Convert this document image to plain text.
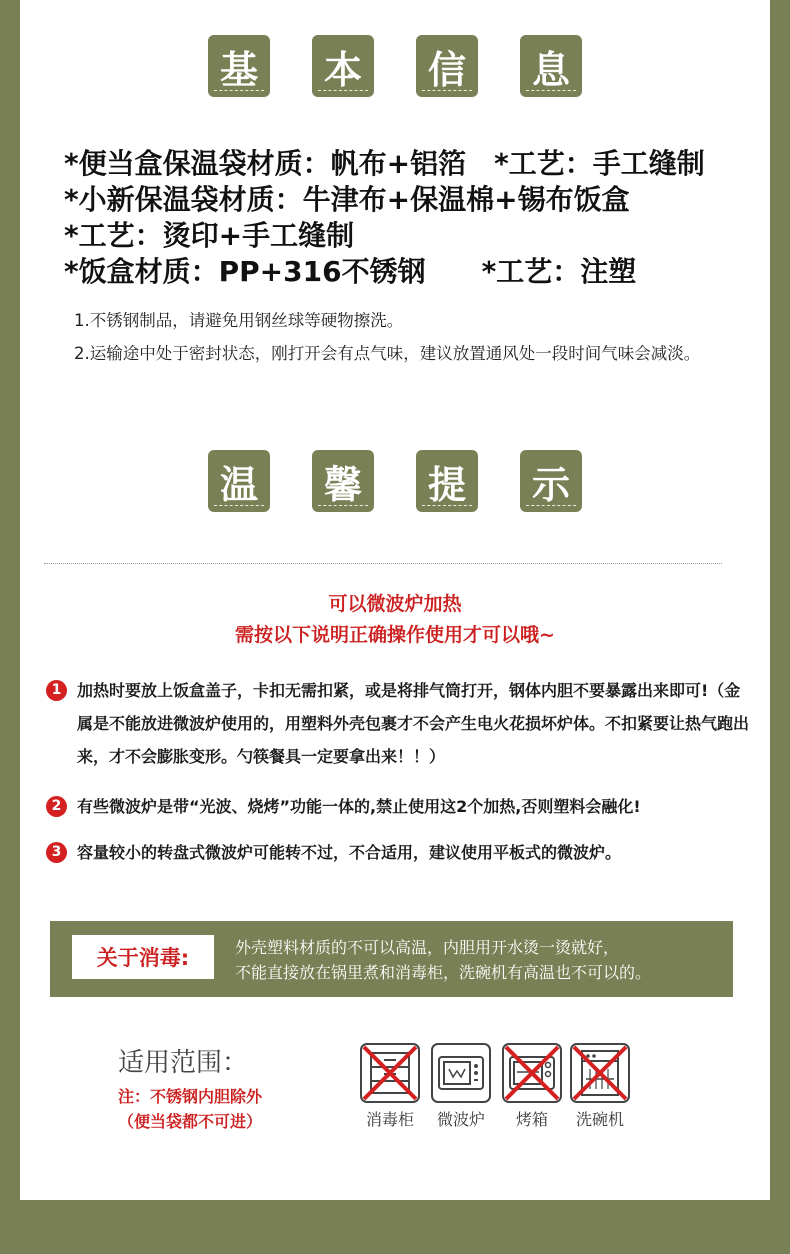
基	本	信	息
*便当盒保温袋材质：帆布+铝箔　*工艺：手工缝制
*小新保温袋材质：牛津布+保温棉+锡布饭盒
*工艺：烫印+手工缝制
*饭盒材质：PP+316不锈钢　　*工艺：注塑
1.不锈钢制品，请避免用钢丝球等硬物擦洗。
2.运输途中处于密封状态，刚打开会有点气味，建议放置通风处一段时间气味会减淡。
温	馨	提	示
可以微波炉加热
需按以下说明正确操作使用才可以哦~
1 加热时要放上饭盒盖子，卡扣无需扣紧，或是将排气筒打开，钢体内胆不要暴露出来即可!（金属是不能放进微波炉使用的，用塑料外壳包裹才不会产生电火花损坏炉体。不扣紧要让热气跑出来，才不会膨胀变形。勺筷餐具一定要拿出来！！）
2 有些微波炉是带“光波、烧烤”功能一体的,禁止使用这2个加热,否则塑料会融化!
3 容量较小的转盘式微波炉可能转不过，不合适用，建议使用平板式的微波炉。
关于消毒:	外壳塑料材质的不可以高温，内胆用开水烫一烫就好，
不能直接放在锅里煮和消毒柜，洗碗机有高温也不可以的。
适用范围：
注：不锈钢内胆除外
（便当袋都不可进）	消毒柜	微波炉	烤箱	洗碗机
